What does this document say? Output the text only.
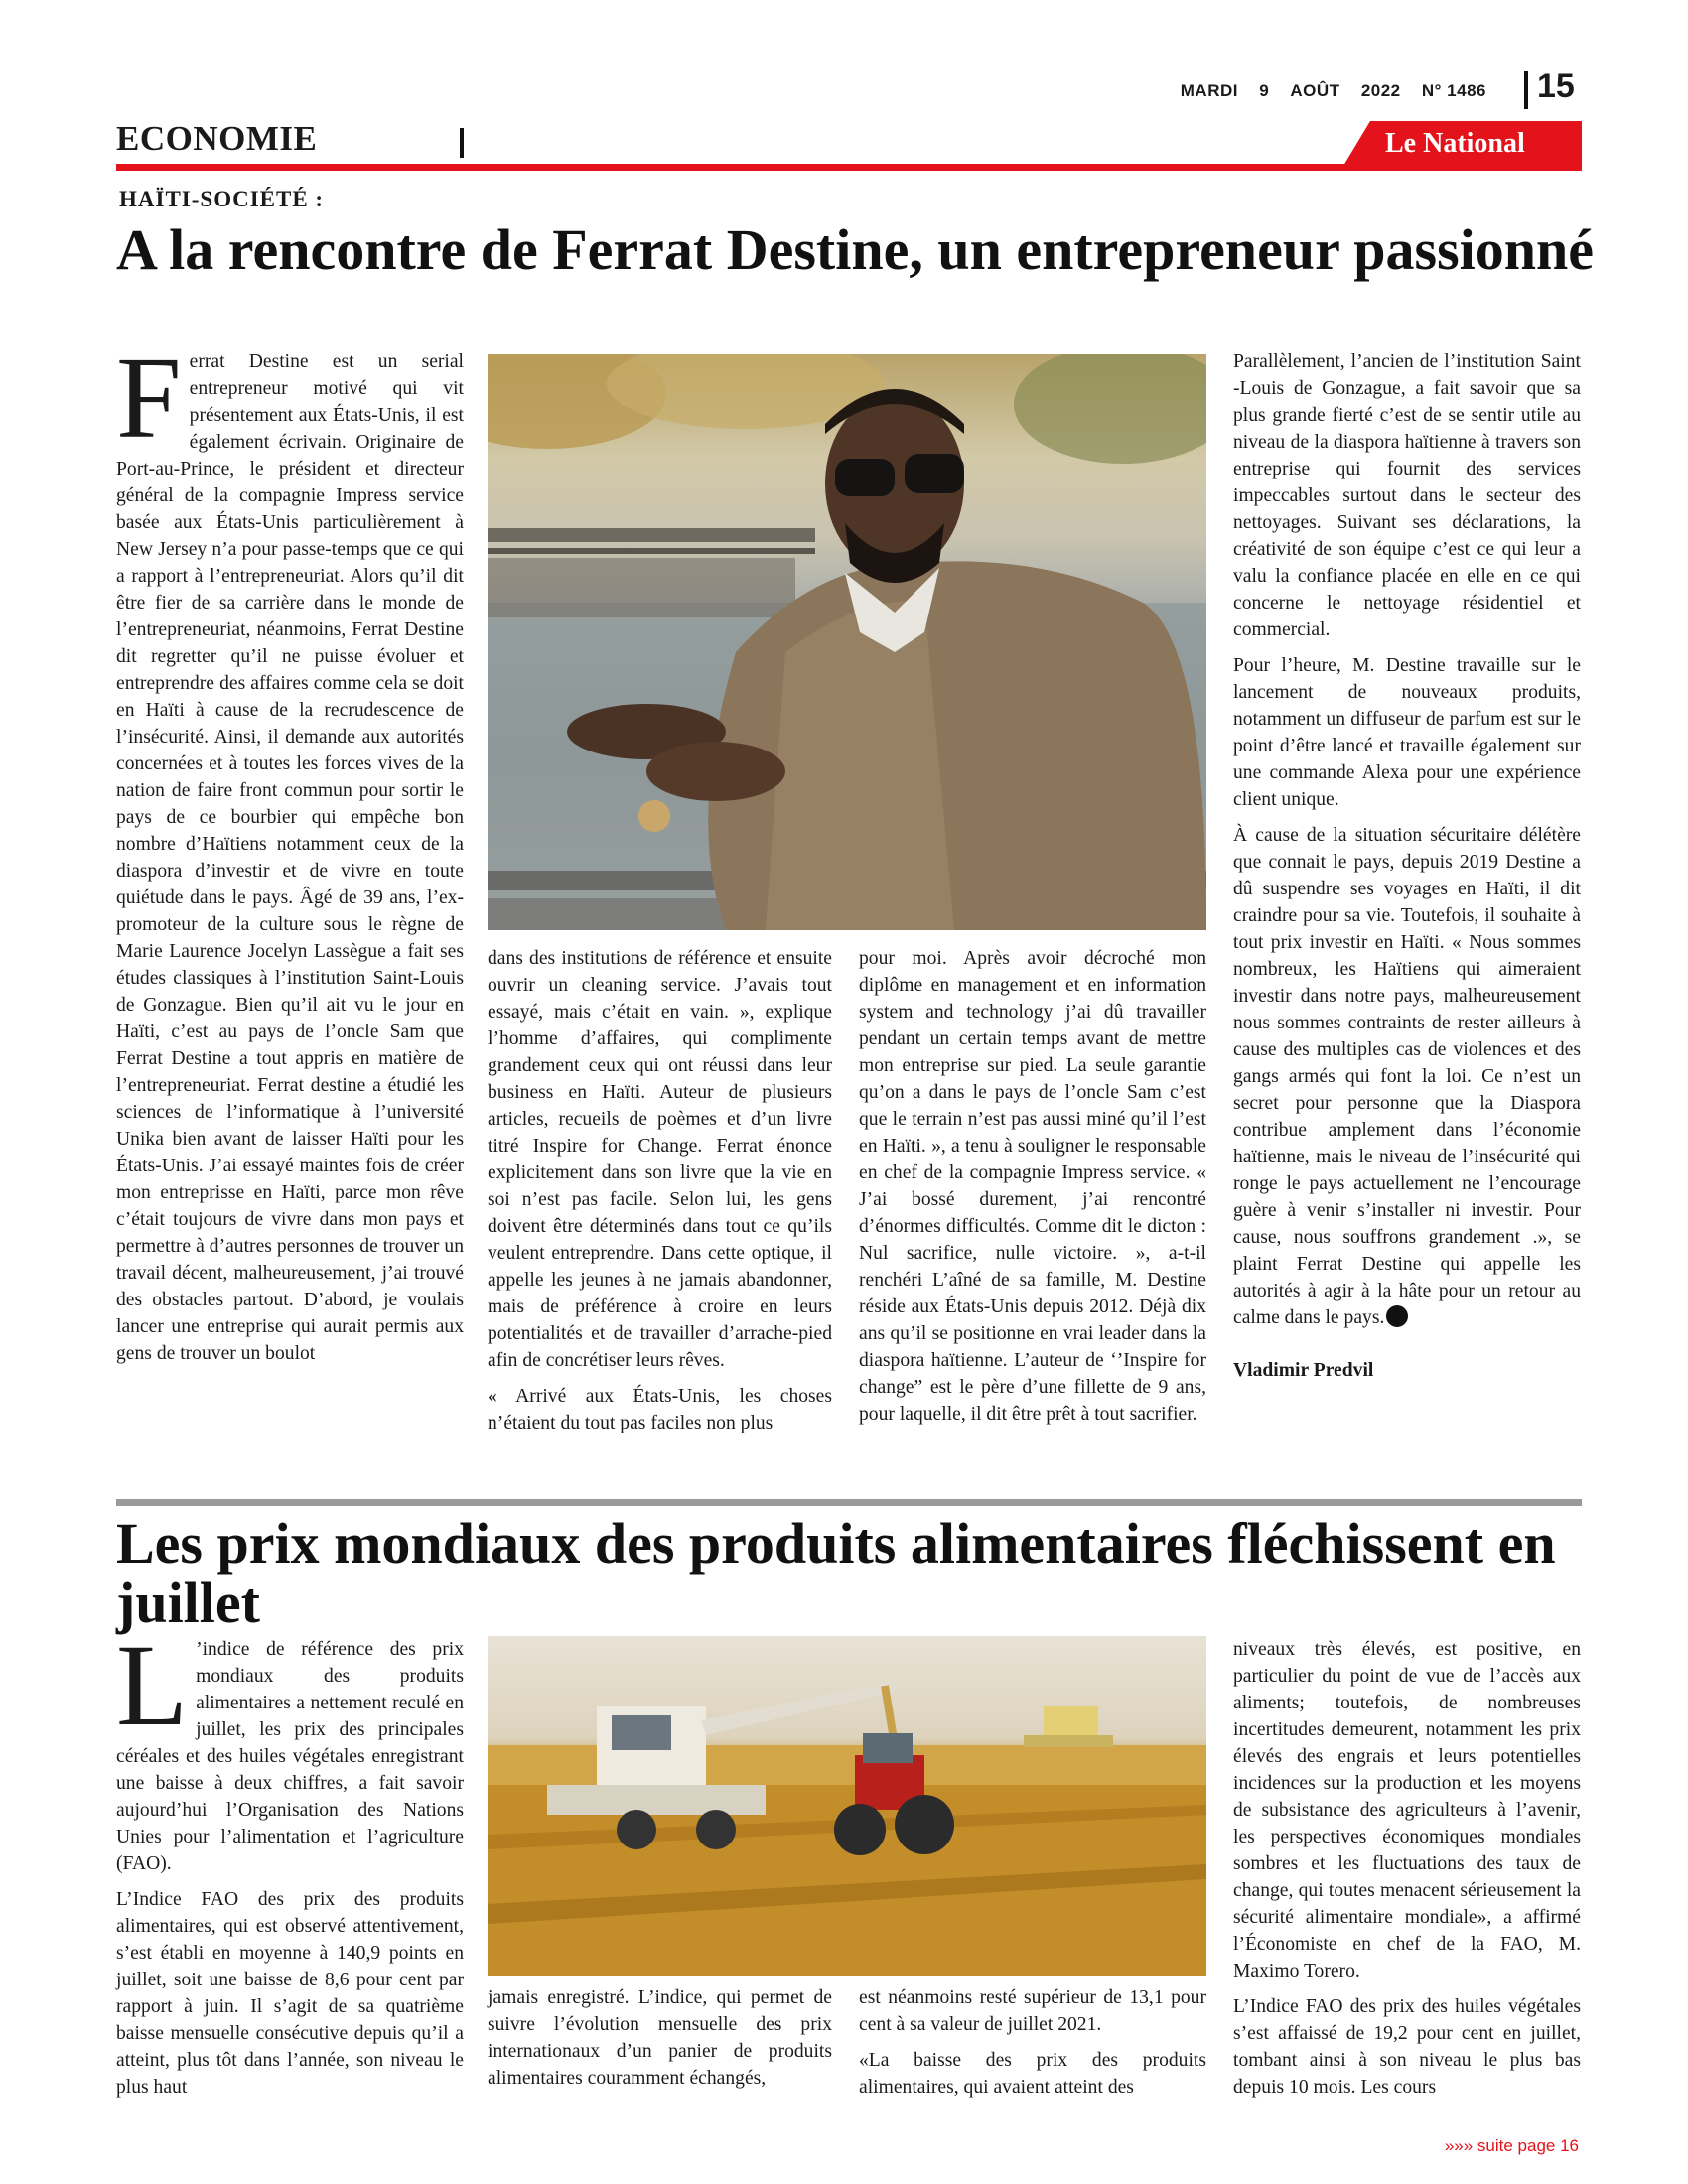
MARDI 9 AOÛT 2022 N° 1486 15
ECONOMIE	Le National
HAÏTI-SOCIÉTÉ :
A la rencontre de Ferrat Destine, un entrepreneur passionné

Ferrat Destine est un serial entrepreneur motivé qui vit présentement aux États-Unis, il est également écrivain. Originaire de Port-au-Prince, le président et directeur général de la compagnie Impress service basée aux États-Unis particulièrement à New Jersey n’a pour passe-temps que ce qui a rapport à l’entrepreneuriat. Alors qu’il dit être fier de sa carrière dans le monde de l’entrepreneuriat, néanmoins, Ferrat Destine dit regretter qu’il ne puisse évoluer et entreprendre des affaires comme cela se doit en Haïti à cause de la recrudescence de l’insécurité. Ainsi, il demande aux autorités concernées et à toutes les forces vives de la nation de faire front commun pour sortir le pays de ce bourbier qui empêche bon nombre d’Haïtiens notamment ceux de la diaspora d’investir et de vivre en toute quiétude dans le pays. Âgé de 39 ans, l’ex-promoteur de la culture sous le règne de Marie Laurence Jocelyn Lassègue a fait ses études classiques à l’institution Saint-Louis de Gonzague. Bien qu’il ait vu le jour en Haïti, c’est au pays de l’oncle Sam que Ferrat Destine a tout appris en matière de l’entrepreneuriat. Ferrat destine a étudié les sciences de l’informatique à l’université Unika bien avant de laisser Haïti pour les États-Unis. J’ai essayé maintes fois de créer mon entreprisse en Haïti, parce mon rêve c’était toujours de vivre dans mon pays et permettre à d’autres personnes de trouver un travail décent, malheureusement, j’ai trouvé des obstacles partout. D’abord, je voulais lancer une entreprise qui aurait permis aux gens de trouver un boulot

dans des institutions de référence et ensuite ouvrir un cleaning service. J’avais tout essayé, mais c’était en vain. », explique l’homme d’affaires, qui complimente grandement ceux qui ont réussi dans leur business en Haïti. Auteur de plusieurs articles, recueils de poèmes et d’un livre titré Inspire for Change. Ferrat énonce explicitement dans son livre que la vie en soi n’est pas facile. Selon lui, les gens doivent être déterminés dans tout ce qu’ils veulent entreprendre. Dans cette optique, il appelle les jeunes à ne jamais abandonner, mais de préférence à croire en leurs potentialités et de travailler d’arrache-pied afin de concrétiser leurs rêves.

« Arrivé aux États-Unis, les choses n’étaient du tout pas faciles non plus

pour moi. Après avoir décroché mon diplôme en management et en information system and technology j’ai dû travailler pendant un certain temps avant de mettre mon entreprise sur pied. La seule garantie qu’on a dans le pays de l’oncle Sam c’est que le terrain n’est pas aussi miné qu’il l’est en Haïti. », a tenu à souligner le responsable en chef de la compagnie Impress service. « J’ai bossé durement, j’ai rencontré d’énormes difficultés. Comme dit le dicton : Nul sacrifice, nulle victoire. », a-t-il renchéri L’aîné de sa famille, M. Destine réside aux États-Unis depuis 2012. Déjà dix ans qu’il se positionne en vrai leader dans la diaspora haïtienne. L’auteur de ‘’Inspire for change” est le père d’une fillette de 9 ans, pour laquelle, il dit être prêt à tout sacrifier.

Parallèlement, l’ancien de l’institution Saint -Louis de Gonzague, a fait savoir que sa plus grande fierté c’est de se sentir utile au niveau de la diaspora haïtienne à travers son entreprise qui fournit des services impeccables surtout dans le secteur des nettoyages. Suivant ses déclarations, la créativité de son équipe c’est ce qui leur a valu la confiance placée en elle en ce qui concerne le nettoyage résidentiel et commercial.

Pour l’heure, M. Destine travaille sur le lancement de nouveaux produits, notamment un diffuseur de parfum est sur le point d’être lancé et travaille également sur une commande Alexa pour une expérience client unique.

À cause de la situation sécuritaire délétère que connait le pays, depuis 2019 Destine a dû suspendre ses voyages en Haïti, il dit craindre pour sa vie. Toutefois, il souhaite à tout prix investir en Haïti. « Nous sommes nombreux, les Haïtiens qui aimeraient investir dans notre pays, malheureusement nous sommes contraints de rester ailleurs à cause des multiples cas de violences et des gangs armés qui font la loi. Ce n’est un secret pour personne que la Diaspora contribue amplement dans l’économie haïtienne, mais le niveau de l’insécurité qui ronge le pays actuellement ne l’encourage guère à venir s’installer ni investir. Pour cause, nous souffrons grandement .», se plaint Ferrat Destine qui appelle les autorités à agir à la hâte pour un retour au calme dans le pays.

Vladimir Predvil

Les prix mondiaux des produits alimentaires fléchissent en juillet

L ’indice de référence des prix mondiaux des produits alimentaires a nettement reculé en juillet, les prix des principales céréales et des huiles végétales enregistrant une baisse à deux chiffres, a fait savoir aujourd’hui l’Organisation des Nations Unies pour l’alimentation et l’agriculture (FAO).

L’Indice FAO des prix des produits alimentaires, qui est observé attentivement, s’est établi en moyenne à 140,9 points en juillet, soit une baisse de 8,6 pour cent par rapport à juin. Il s’agit de sa quatrième baisse mensuelle consécutive depuis qu’il a atteint, plus tôt dans l’année, son niveau le plus haut

jamais enregistré. L’indice, qui permet de suivre l’évolution mensuelle des prix internationaux d’un panier de produits alimentaires couramment échangés,

est néanmoins resté supérieur de 13,1 pour cent à sa valeur de juillet 2021.

«La baisse des prix des produits alimentaires, qui avaient atteint des

niveaux très élevés, est positive, en particulier du point de vue de l’accès aux aliments; toutefois, de nombreuses incertitudes demeurent, notamment les prix élevés des engrais et leurs potentielles incidences sur la production et les moyens de subsistance des agriculteurs à l’avenir, les perspectives économiques mondiales sombres et les fluctuations des taux de change, qui toutes menacent sérieusement la sécurité alimentaire mondiale», a affirmé l’Économiste en chef de la FAO, M. Maximo Torero.

L’Indice FAO des prix des huiles végétales s’est affaissé de 19,2 pour cent en juillet, tombant ainsi à son niveau le plus bas depuis 10 mois. Les cours

»»» suite page 16
